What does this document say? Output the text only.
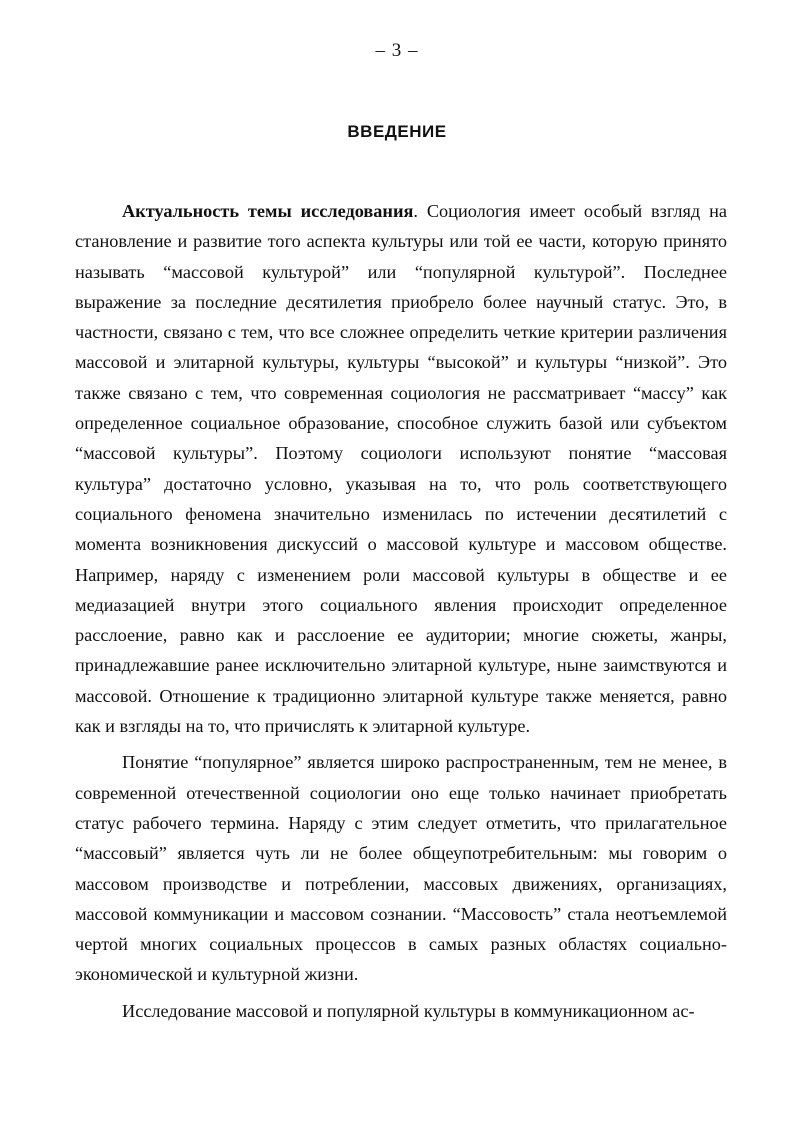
– 3 –
ВВЕДЕНИЕ

Актуальность темы исследования. Социология имеет особый взгляд на становление и развитие того аспекта культуры или той ее части, которую принято называть “массовой культурой” или “популярной культурой”. Последнее выражение за последние десятилетия приобрело более научный статус. Это, в частности, связано с тем, что все сложнее определить четкие критерии различения массовой и элитарной культуры, культуры “высокой” и культуры “низкой”. Это также связано с тем, что современная социология не рассматривает “массу” как определенное социальное образование, способное служить базой или субъектом “массовой культуры”. Поэтому социологи используют понятие “массовая культура” достаточно условно, указывая на то, что роль соответствующего социального феномена значительно изменилась по истечении десятилетий с момента возникновения дискуссий о массовой культуре и массовом обществе. Например, наряду с изменением роли массовой культуры в обществе и ее медиазацией внутри этого социального явления происходит определенное расслоение, равно как и расслоение ее аудитории; многие сюжеты, жанры, принадлежавшие ранее исключительно элитарной культуре, ныне заимствуются и массовой. Отношение к традиционно элитарной культуре также меняется, равно как и взгляды на то, что причислять к элитарной культуре.

Понятие “популярное” является широко распространенным, тем не менее, в современной отечественной социологии оно еще только начинает приобретать статус рабочего термина. Наряду с этим следует отметить, что прилагательное “массовый” является чуть ли не более общеупотребительным: мы говорим о массовом производстве и потреблении, массовых движениях, организациях, массовой коммуникации и массовом сознании. “Массовость” стала неотъемлемой чертой многих социальных процессов в самых разных областях социально-экономической и культурной жизни.

Исследование массовой и популярной культуры в коммуникационном ас-
